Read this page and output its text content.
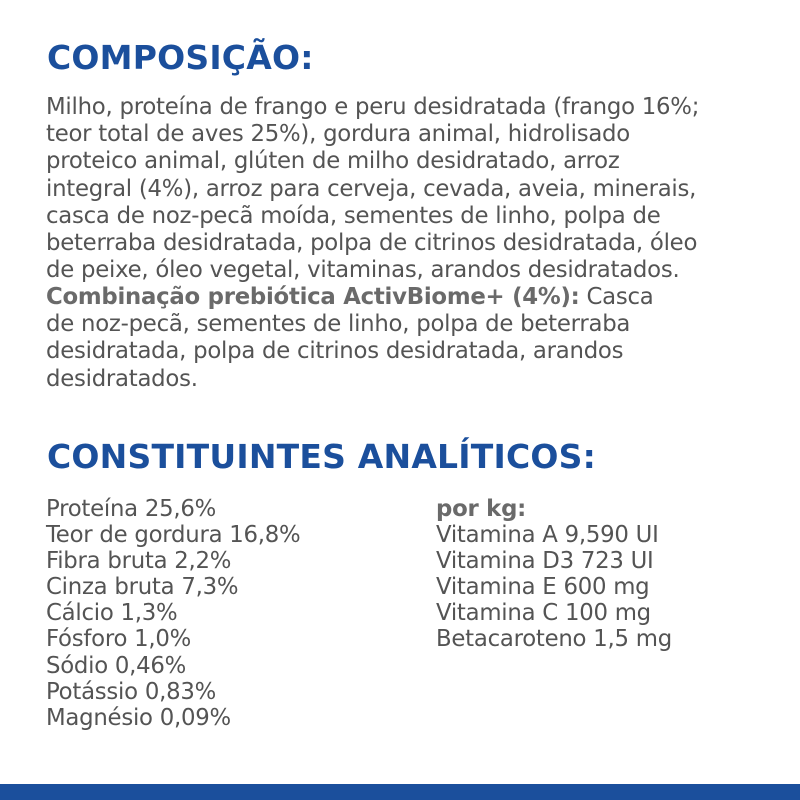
COMPOSIÇÃO:

Milho, proteína de frango e peru desidratada (frango 16%;
teor total de aves 25%), gordura animal, hidrolisado
proteico animal, glúten de milho desidratado, arroz
integral (4%), arroz para cerveja, cevada, aveia, minerais,
casca de noz-pecã moída, sementes de linho, polpa de
beterraba desidratada, polpa de citrinos desidratada, óleo
de peixe, óleo vegetal, vitaminas, arandos desidratados.

Combinação prebiótica ActivBiome+ (4%): Casca
de noz-pecã, sementes de linho, polpa de beterraba
desidratada, polpa de citrinos desidratada, arandos
desidratados.

CONSTITUINTES ANALÍTICOS:
Proteína 25,6%
Teor de gordura 16,8%
Fibra bruta 2,2%
Cinza bruta 7,3%
Cálcio 1,3%
Fósforo 1,0%
Sódio 0,46%
Potássio 0,83%
Magnésio 0,09%
por kg:
Vitamina A 9,590 UI
Vitamina D3 723 UI
Vitamina E 600 mg
Vitamina C 100 mg
Betacaroteno 1,5 mg
